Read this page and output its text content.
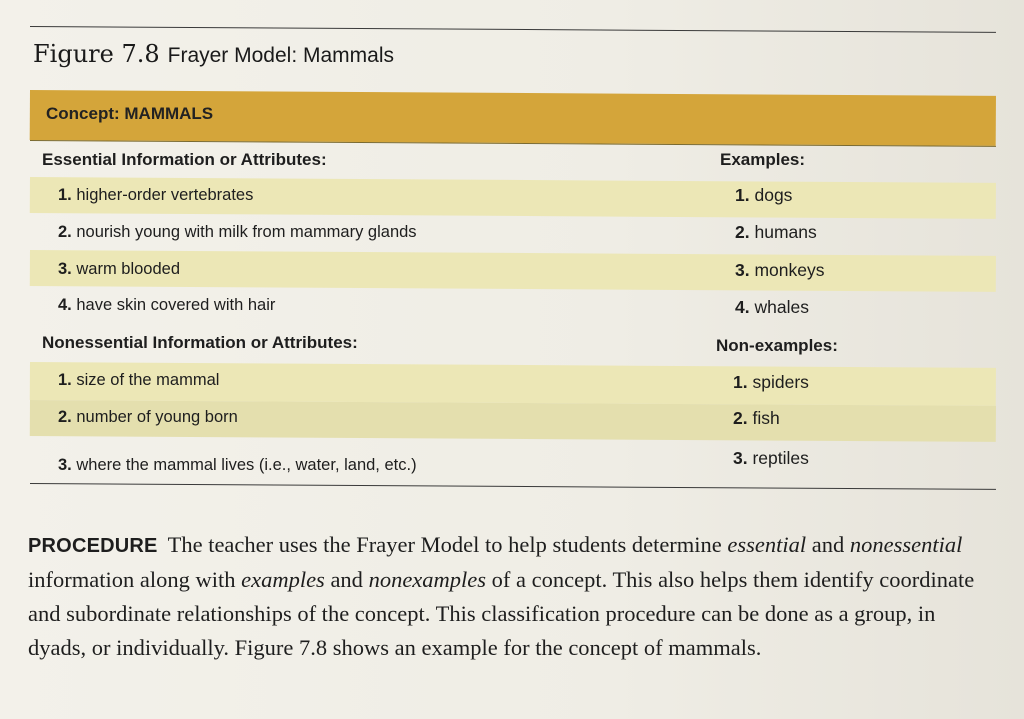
Figure 7.8 Frayer Model: Mammals
Concept: MAMMALS
Essential Information or Attributes:	Examples:
1. higher-order vertebrates
2. nourish young with milk from mammary glands
3. warm blooded
4. have skin covered with hair
1. dogs
2. humans
3. monkeys
4. whales
Nonessential Information or Attributes:	Non-examples:
1. size of the mammal
2. number of young born
3. where the mammal lives (i.e., water, land, etc.)
1. spiders
2. fish
3. reptiles
PROCEDURE The teacher uses the Frayer Model to help students determine essential and nonessential information along with examples and nonexamples of a concept. This also helps them identify coordinate and subordinate relationships of the concept. This classification procedure can be done as a group, in dyads, or individually. Figure 7.8 shows an example for the concept of mammals.
